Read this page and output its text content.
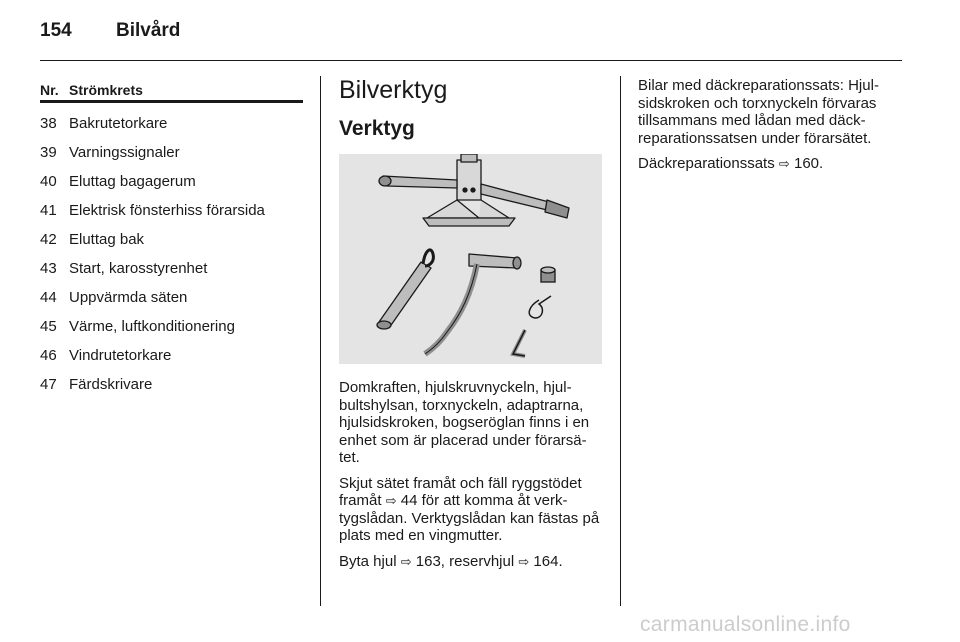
154 Bilvård
Nr. Strömkrets
38 Bakrutetorkare
39 Varningssignaler
40 Eluttag bagagerum
41 Elektrisk fönsterhiss förarsida
42 Eluttag bak
43 Start, karosstyrenhet
44 Uppvärmda säten
45 Värme, luftkonditionering
46 Vindrutetorkare
47 Färdskrivare
Bilverktyg
Verktyg

Domkraften, hjulskruvnyckeln, hjulbultshylsan, torxnyckeln, adaptrarna, hjulsidskroken, bogseröglan finns i en enhet som är placerad under förarsätet.

Skjut sätet framåt och fäll ryggstödet framåt ⇨ 44 för att komma åt verktygslådan. Verktygslådan kan fästas på plats med en vingmutter.

Byta hjul ⇨ 163, reservhjul ⇨ 164.

Bilar med däckreparationssats: Hjulsidskroken och torxnyckeln förvaras tillsammans med lådan med däckreparationssatsen under förarsätet.

Däckreparationssats ⇨ 160.

carmanualsonline.info
